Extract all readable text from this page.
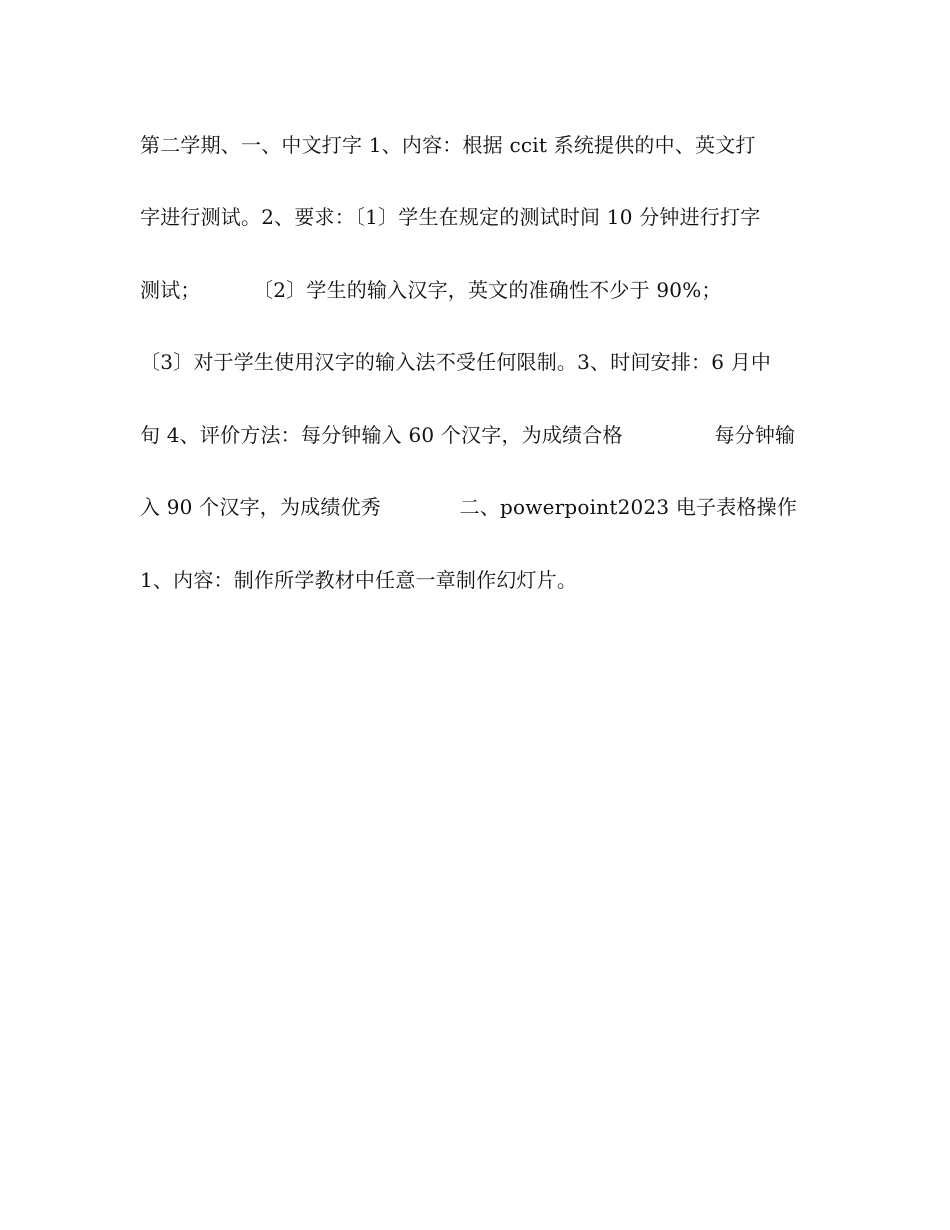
第二学期、一、中文打字 1、内容：根据 ccit 系统提供的中、英文打
字进行测试。2、要求：〔1〕学生在规定的测试时间 10 分钟进行打字
测试；        〔2〕学生的输入汉字，英文的准确性不少于 90%；
〔3〕对于学生使用汉字的输入法不受任何限制。3、时间安排：6 月中
旬 4、评价方法：每分钟输入 60 个汉字，为成绩合格              每分钟输
入 90 个汉字，为成绩优秀            二、powerpoint2023 电子表格操作
1、内容：制作所学教材中任意一章制作幻灯片。
